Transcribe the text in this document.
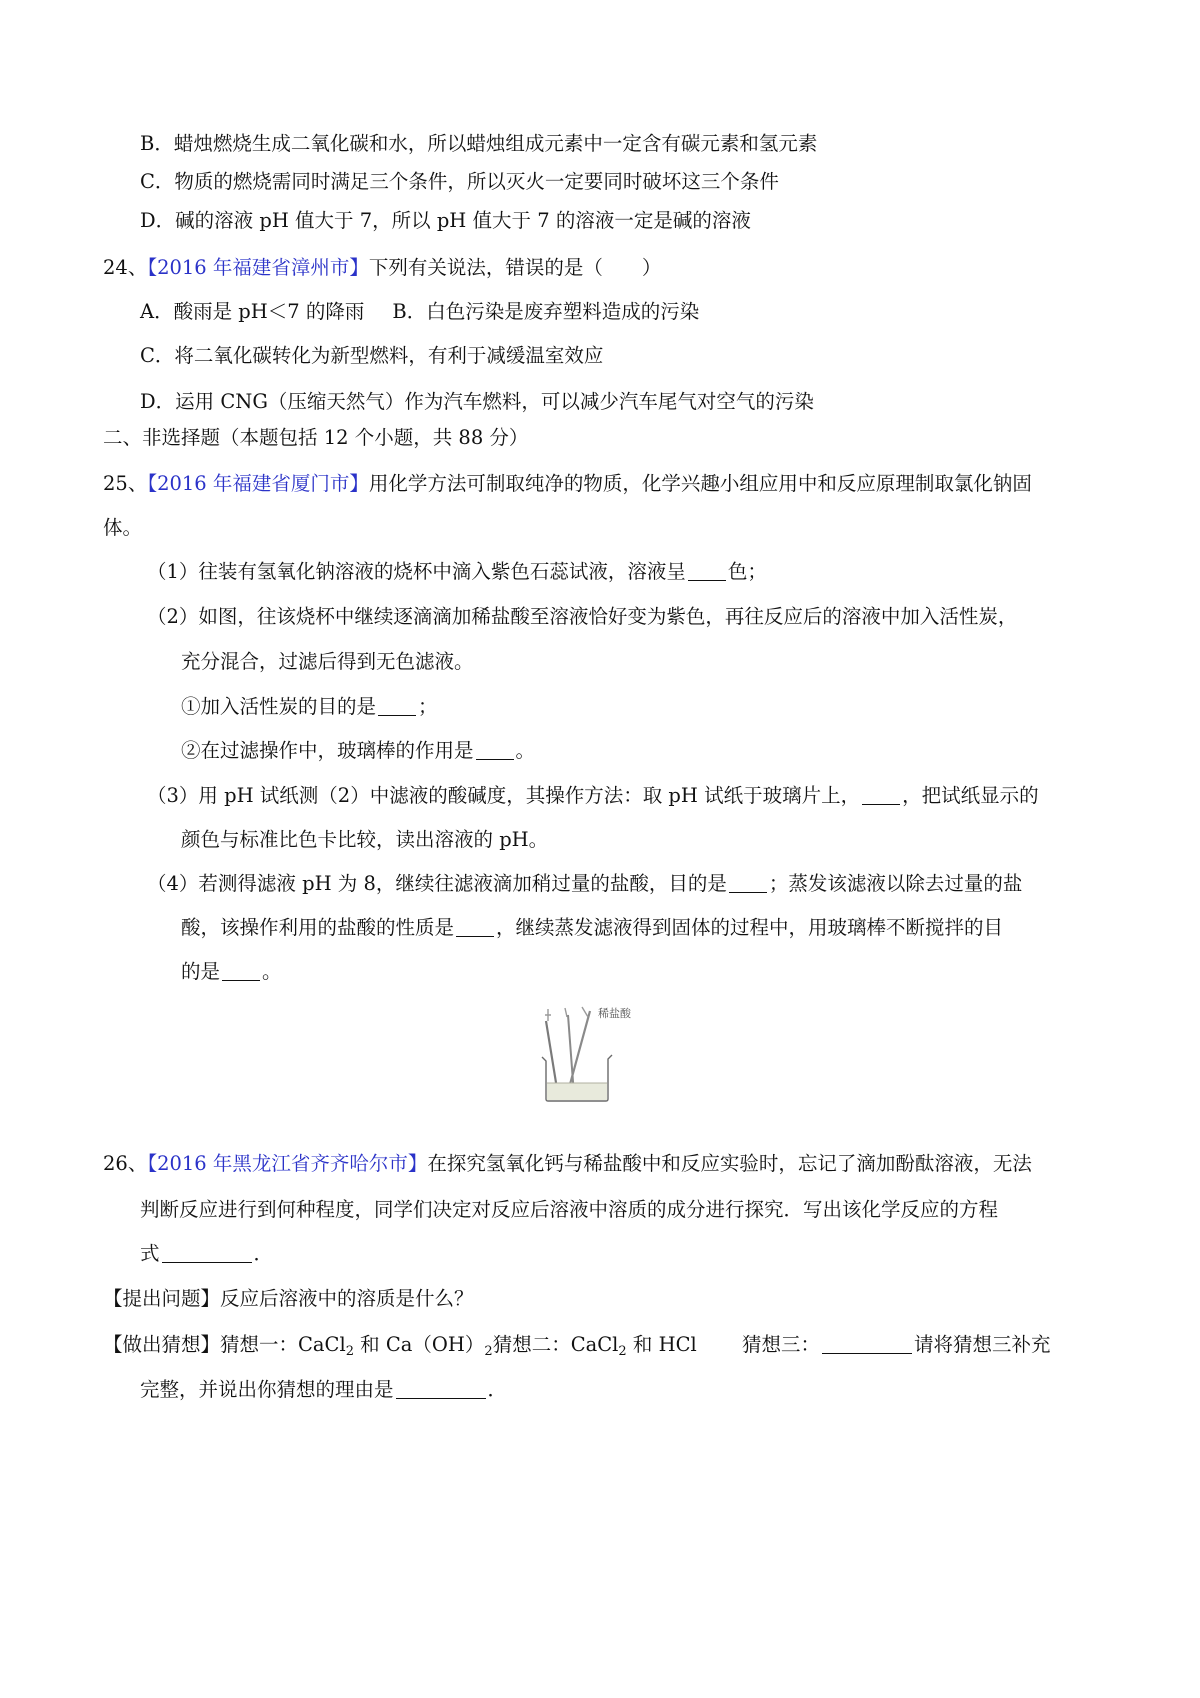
B．蜡烛燃烧生成二氧化碳和水，所以蜡烛组成元素中一定含有碳元素和氢元素
C．物质的燃烧需同时满足三个条件，所以灭火一定要同时破坏这三个条件
D．碱的溶液 pH 值大于 7，所以 pH 值大于 7 的溶液一定是碱的溶液
24、【2016 年福建省漳州市】下列有关说法，错误的是（　　）
A．酸雨是 pH＜7 的降雨 B．白色污染是废弃塑料造成的污染
C．将二氧化碳转化为新型燃料，有利于减缓温室效应
D．运用 CNG（压缩天然气）作为汽车燃料，可以减少汽车尾气对空气的污染
二、非选择题（本题包括 12 个小题，共 88 分）
25、【2016 年福建省厦门市】用化学方法可制取纯净的物质，化学兴趣小组应用中和反应原理制取氯化钠固
体。
（1）往装有氢氧化钠溶液的烧杯中滴入紫色石蕊试液，溶液呈 色；
（2）如图，往该烧杯中继续逐滴滴加稀盐酸至溶液恰好变为紫色，再往反应后的溶液中加入活性炭，
充分混合，过滤后得到无色滤液。
①加入活性炭的目的是 ；
②在过滤操作中，玻璃棒的作用是 。
（3）用 pH 试纸测（2）中滤液的酸碱度，其操作方法：取 pH 试纸于玻璃片上， ，把试纸显示的
颜色与标准比色卡比较，读出溶液的 pH。
（4）若测得滤液 pH 为 8，继续往滤液滴加稍过量的盐酸，目的是 ；蒸发该滤液以除去过量的盐
酸，该操作利用的盐酸的性质是 ，继续蒸发滤液得到固体的过程中，用玻璃棒不断搅拌的目
的是 。
稀盐酸
26、【2016 年黑龙江省齐齐哈尔市】在探究氢氧化钙与稀盐酸中和反应实验时，忘记了滴加酚酞溶液，无法
判断反应进行到何种程度，同学们决定对反应后溶液中溶质的成分进行探究．写出该化学反应的方程
式	．
【提出问题】反应后溶液中的溶质是什么？
【做出猜想】猜想一：CaCl$_2$ 和 $Ca(OH)_2$猜想二：CaCl$_2$ 和 HCl　　 猜想三：	请将猜想三补充
完整，并说出你猜想的理由是	．
